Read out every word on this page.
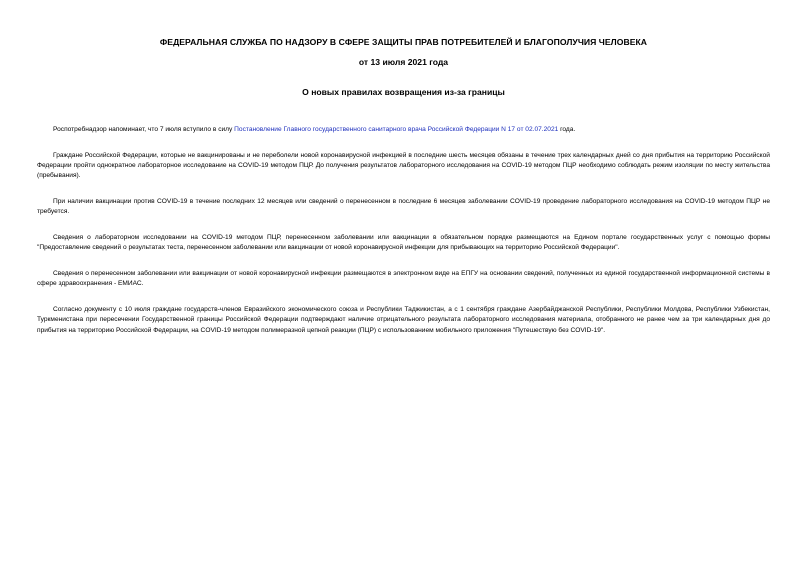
ФЕДЕРАЛЬНАЯ СЛУЖБА ПО НАДЗОРУ В СФЕРЕ ЗАЩИТЫ ПРАВ ПОТРЕБИТЕЛЕЙ И БЛАГОПОЛУЧИЯ ЧЕЛОВЕКА
от 13 июля 2021 года
О новых правилах возвращения из-за границы

Роспотребнадзор напоминает, что 7 июля вступило в силу Постановление Главного государственного санитарного врача Российской Федерации N 17 от 02.07.2021 года.

Граждане Российской Федерации, которые не вакцинированы и не переболели новой коронавирусной инфекцией в последние шесть месяцев обязаны в течение трех календарных дней со дня прибытия на территорию Российской Федерации пройти однократное лабораторное исследование на COVID-19 методом ПЦР. До получения результатов лабораторного исследования на COVID-19 методом ПЦР необходимо соблюдать режим изоляции по месту жительства (пребывания).

При наличии вакцинации против COVID-19 в течение последних 12 месяцев или сведений о перенесенном в последние 6 месяцев заболевании COVID-19 проведение лабораторного исследования на COVID-19 методом ПЦР не требуется.

Сведения о лабораторном исследовании на COVID-19 методом ПЦР, перенесенном заболевании или вакцинации в обязательном порядке размещаются на Едином портале государственных услуг с помощью формы "Предоставление сведений о результатах теста, перенесенном заболевании или вакцинации от новой коронавирусной инфекции для прибывающих на территорию Российской Федерации".

Сведения о перенесенном заболевании или вакцинации от новой коронавирусной инфекции размещаются в электронном виде на ЕПГУ на основании сведений, полученных из единой государственной информационной системы в сфере здравоохранения - ЕМИАС.

Согласно документу с 10 июля граждане государств-членов Евразийского экономического союза и Республики Таджикистан, а с 1 сентября граждане Азербайджанской Республики, Республики Молдова, Республики Узбекистан, Туркменистана при пересечении Государственной границы Российской Федерации подтверждают наличие отрицательного результата лабораторного исследования материала, отобранного не ранее чем за три календарных дня до прибытия на территорию Российской Федерации, на COVID-19 методом полимеразной цепной реакции (ПЦР) с использованием мобильного приложения "Путешествую без COVID-19".
